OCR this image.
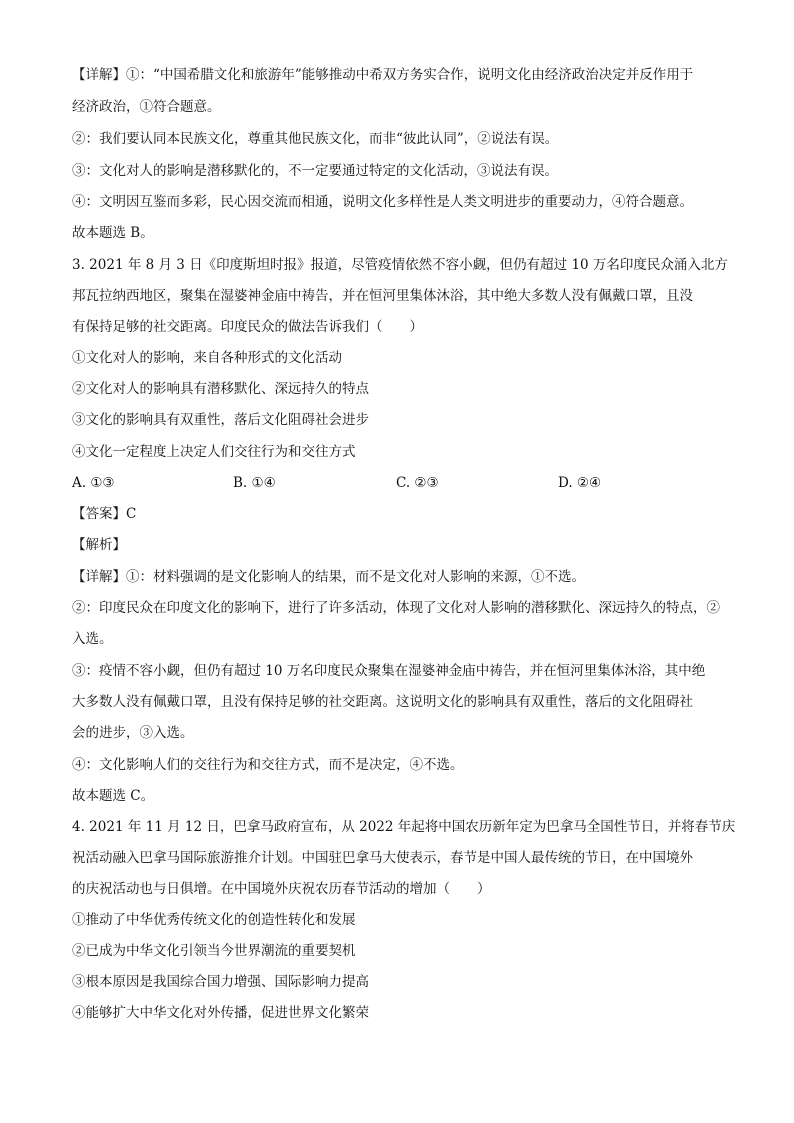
【详解】①：“中国希腊文化和旅游年”能够推动中希双方务实合作，说明文化由经济政治决定并反作用于
经济政治，①符合题意。
②：我们要认同本民族文化，尊重其他民族文化，而非“彼此认同”，②说法有误。
③：文化对人的影响是潜移默化的，不一定要通过特定的文化活动，③说法有误。
④：文明因互鉴而多彩，民心因交流而相通，说明文化多样性是人类文明进步的重要动力，④符合题意。
故本题选 B。
3. 2021 年 8 月 3 日《印度斯坦时报》报道，尽管疫情依然不容小觑，但仍有超过 10 万名印度民众涌入北方
邦瓦拉纳西地区，聚集在湿婆神金庙中祷告，并在恒河里集体沐浴，其中绝大多数人没有佩戴口罩，且没
有保持足够的社交距离。印度民众的做法告诉我们（　　）
①文化对人的影响，来自各种形式的文化活动
②文化对人的影响具有潜移默化、深远持久的特点
③文化的影响具有双重性，落后文化阻碍社会进步
④文化一定程度上决定人们交往行为和交往方式
A. ①③	B. ①④	C. ②③	D. ②④
【答案】C
【解析】
【详解】①：材料强调的是文化影响人的结果，而不是文化对人影响的来源，①不选。
②：印度民众在印度文化的影响下，进行了许多活动，体现了文化对人影响的潜移默化、深远持久的特点，②
入选。
③：疫情不容小觑，但仍有超过 10 万名印度民众聚集在湿婆神金庙中祷告，并在恒河里集体沐浴，其中绝
大多数人没有佩戴口罩，且没有保持足够的社交距离。这说明文化的影响具有双重性，落后的文化阻碍社
会的进步，③入选。
④：文化影响人们的交往行为和交往方式，而不是决定，④不选。
故本题选 C。
4. 2021 年 11 月 12 日，巴拿马政府宣布，从 2022 年起将中国农历新年定为巴拿马全国性节日，并将春节庆
祝活动融入巴拿马国际旅游推介计划。中国驻巴拿马大使表示，春节是中国人最传统的节日，在中国境外
的庆祝活动也与日俱增。在中国境外庆祝农历春节活动的增加（　　）
①推动了中华优秀传统文化的创造性转化和发展
②已成为中华文化引领当今世界潮流的重要契机
③根本原因是我国综合国力增强、国际影响力提高
④能够扩大中华文化对外传播，促进世界文化繁荣
